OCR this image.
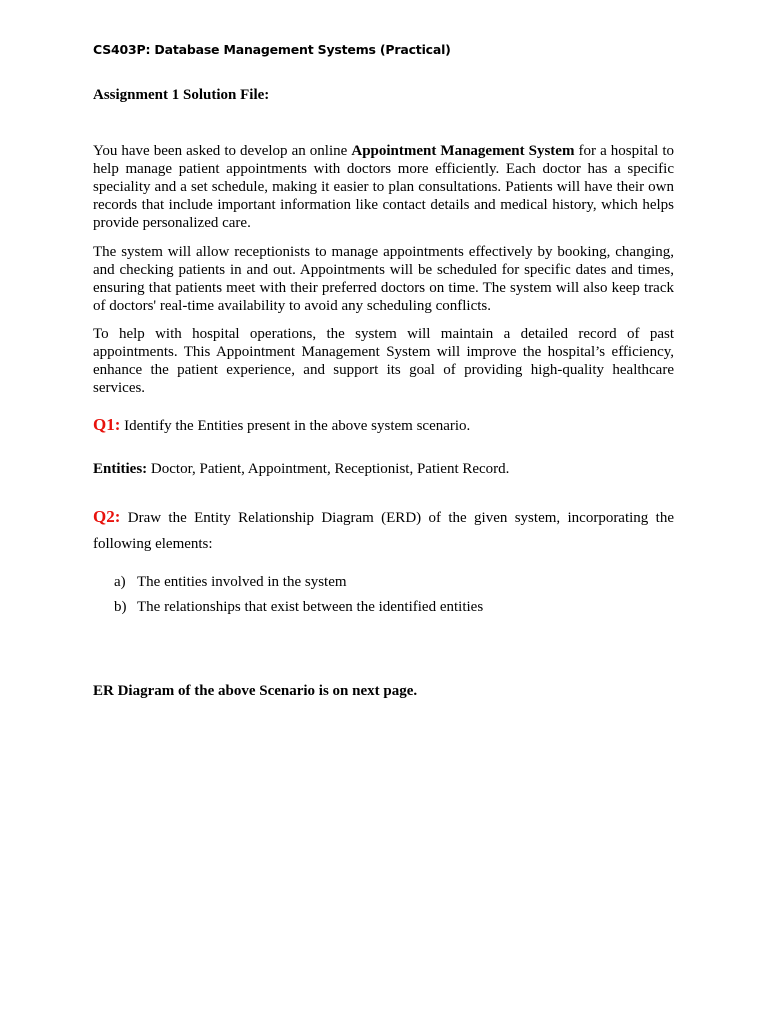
CS403P: Database Management Systems (Practical)
Assignment 1 Solution File:

You have been asked to develop an online Appointment Management System for a hospital to help manage patient appointments with doctors more efficiently. Each doctor has a specific speciality and a set schedule, making it easier to plan consultations. Patients will have their own records that include important information like contact details and medical history, which helps provide personalized care.

The system will allow receptionists to manage appointments effectively by booking, changing, and checking patients in and out. Appointments will be scheduled for specific dates and times, ensuring that patients meet with their preferred doctors on time. The system will also keep track of doctors' real-time availability to avoid any scheduling conflicts.

To help with hospital operations, the system will maintain a detailed record of past appointments. This Appointment Management System will improve the hospital’s efficiency, enhance the patient experience, and support its goal of providing high-quality healthcare services.

Q1: Identify the Entities present in the above system scenario.

Entities: Doctor, Patient, Appointment, Receptionist, Patient Record.

Q2: Draw the Entity Relationship Diagram (ERD) of the given system, incorporating the following elements:

a) The entities involved in the system
b) The relationships that exist between the identified entities
ER Diagram of the above Scenario is on next page.
